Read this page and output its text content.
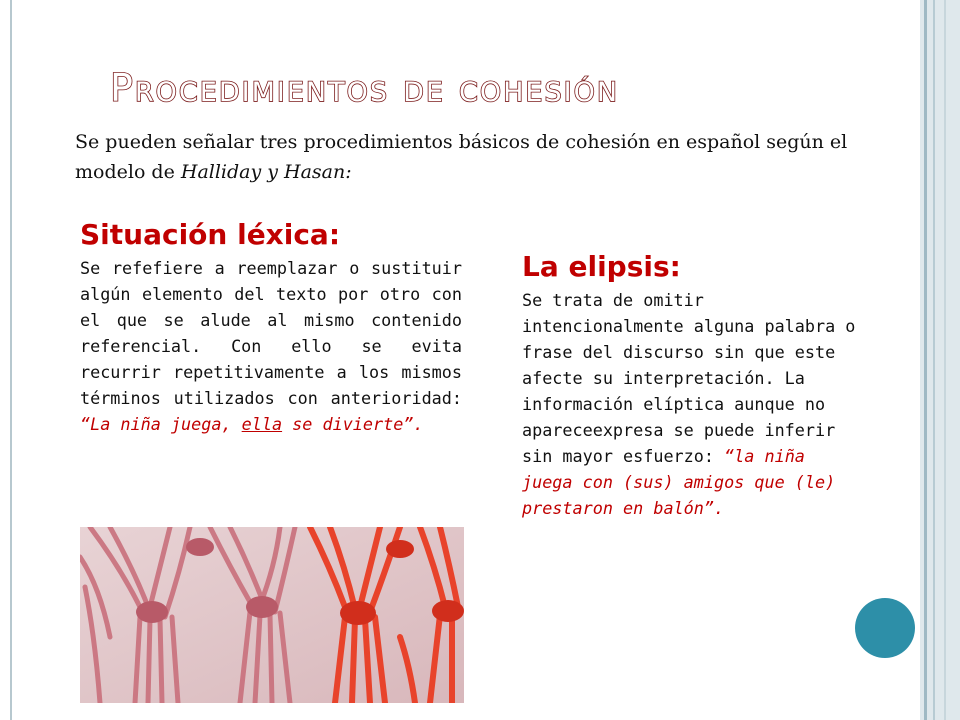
Procedimientos de cohesión
Se pueden señalar tres procedimientos básicos de cohesión en español según el modelo de Halliday y Hasan:
Situación léxica:

Se refefiere a reemplazar o sustituir algún elemento del texto por otro con el que se alude al mismo contenido referencial. Con ello se evita recurrir repetitivamente a los mismos términos utilizados con anterioridad: “La niña juega, ella se divierte”.

La elipsis:

Se trata de omitir intencionalmente alguna palabra o frase del discurso sin que este afecte su interpretación. La información elíptica aunque no apareceexpresa se puede inferir sin mayor esfuerzo: “la niña juega con (sus) amigos que (le) prestaron en balón”.
